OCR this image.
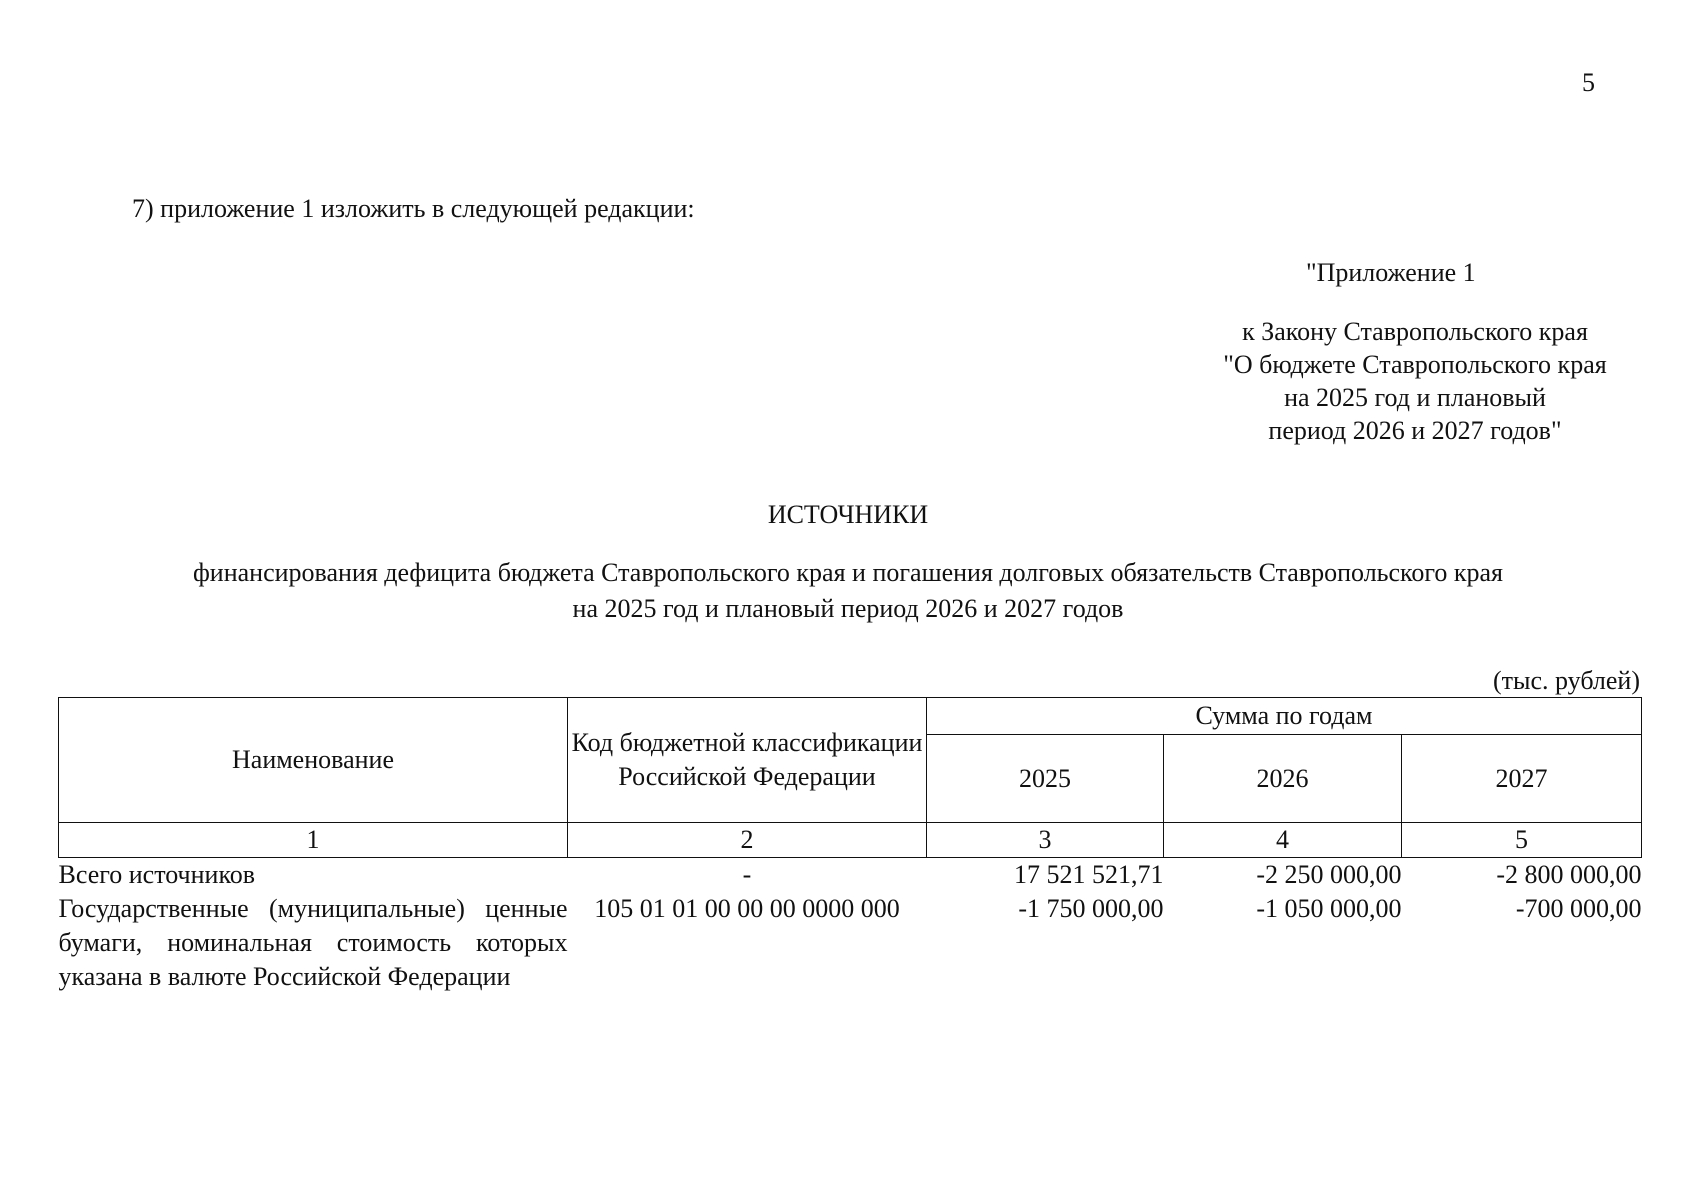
5
7) приложение 1 изложить в следующей редакции:
"Приложение 1
к Закону Ставропольского края
"О бюджете Ставропольского края
на 2025 год и плановый
период 2026 и 2027 годов"
ИСТОЧНИКИ
финансирования дефицита бюджета Ставропольского края и погашения долговых обязательств Ставропольского края
на 2025 год и плановый период 2026 и 2027 годов
(тыс. рублей)
Наименование	Код бюджетной классификации Российской Федерации	Сумма по годам		
		2025	2026	2027
1	2	3	4	5
Всего источников	-	17 521 521,71	-2 250 000,00	-2 800 000,00
Государственные (муниципальные) ценные бумаги, номинальная стоимость которых указана в валюте Российской Федерации	105 01 01 00 00 00 0000 000	-1 750 000,00	-1 050 000,00	-700 000,00
